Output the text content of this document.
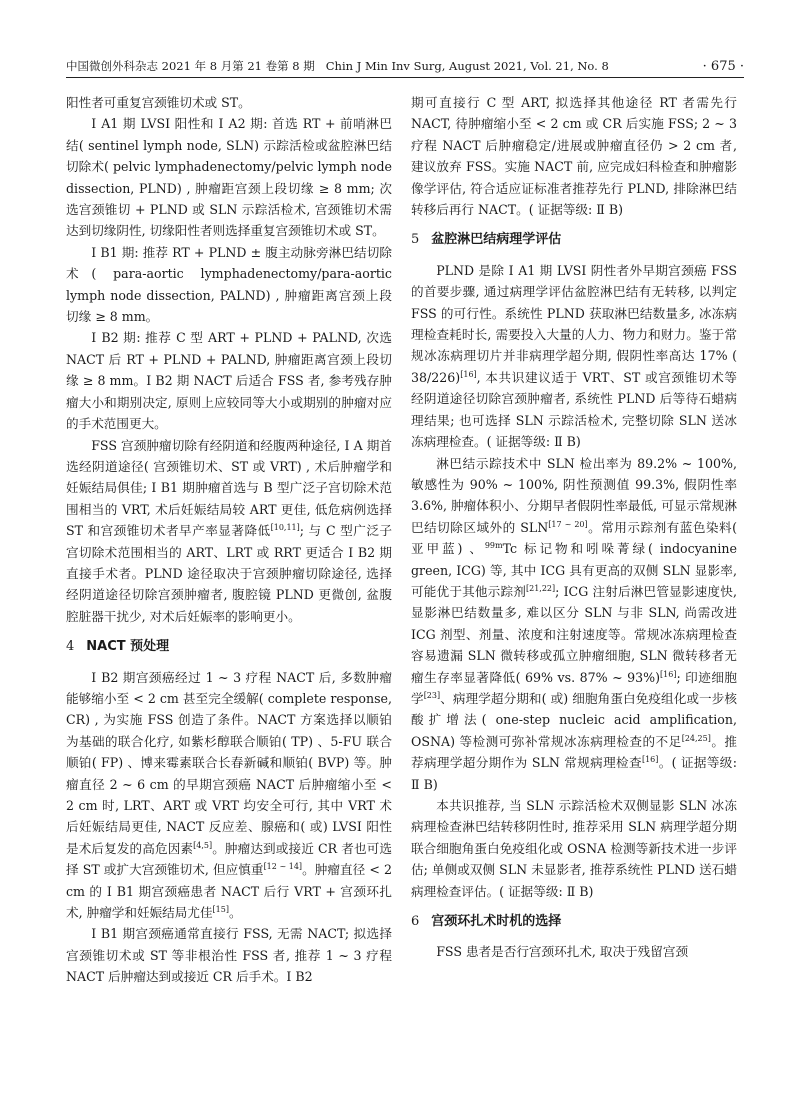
中国微创外科杂志 2021 年 8 月第 21 卷第 8 期 Chin J Min Inv Surg, August 2021, Vol. 21, No. 8	· 675 ·

阳性者可重复宫颈锥切术或 ST。

Ⅰ A1 期 LVSI 阳性和 Ⅰ A2 期: 首选 RT + 前哨淋巴结( sentinel lymph node, SLN) 示踪活检或盆腔淋巴结切除术( pelvic lymphadenectomy/pelvic lymph node dissection, PLND) , 肿瘤距宫颈上段切缘 ≥ 8 mm; 次选宫颈锥切 + PLND 或 SLN 示踪活检术, 宫颈锥切术需达到切缘阴性, 切缘阳性者则选择重复宫颈锥切术或 ST。

Ⅰ B1 期: 推荐 RT + PLND ± 腹主动脉旁淋巴结切除术( para-aortic lymphadenectomy/para-aortic lymph node dissection, PALND) , 肿瘤距离宫颈上段切缘 ≥ 8 mm。

Ⅰ B2 期: 推荐 C 型 ART + PLND + PALND, 次选 NACT 后 RT + PLND + PALND, 肿瘤距离宫颈上段切缘 ≥ 8 mm。Ⅰ B2 期 NACT 后适合 FSS 者, 参考残存肿瘤大小和期别决定, 原则上应较同等大小或期别的肿瘤对应的手术范围更大。

FSS 宫颈肿瘤切除有经阴道和经腹两种途径, Ⅰ A 期首选经阴道途径( 宫颈锥切术、ST 或 VRT) , 术后肿瘤学和妊娠结局俱佳; Ⅰ B1 期肿瘤首选与 B 型广泛子宫切除术范围相当的 VRT, 术后妊娠结局较 ART 更佳, 低危病例选择 ST 和宫颈锥切术者早产率显著降低[10,11]; 与 C 型广泛子宫切除术范围相当的 ART、LRT 或 RRT 更适合 Ⅰ B2 期直接手术者。PLND 途径取决于宫颈肿瘤切除途径, 选择经阴道途径切除宫颈肿瘤者, 腹腔镜 PLND 更微创, 盆腹腔脏器干扰少, 对术后妊娠率的影响更小。

4 NACT 预处理

Ⅰ B2 期宫颈癌经过 1 ~ 3 疗程 NACT 后, 多数肿瘤能够缩小至 < 2 cm 甚至完全缓解( complete response, CR) , 为实施 FSS 创造了条件。NACT 方案选择以顺铂为基础的联合化疗, 如紫杉醇联合顺铂( TP) 、5-FU 联合顺铂( FP) 、博来霉素联合长春新碱和顺铂( BVP) 等。肿瘤直径 2 ~ 6 cm 的早期宫颈癌 NACT 后肿瘤缩小至 < 2 cm 时, LRT、ART 或 VRT 均安全可行, 其中 VRT 术后妊娠结局更佳, NACT 反应差、腺癌和( 或) LVSI 阳性是术后复发的高危因素[4,5]。肿瘤达到或接近 CR 者也可选择 ST 或扩大宫颈锥切术, 但应慎重[12 ~ 14]。肿瘤直径 < 2 cm 的 Ⅰ B1 期宫颈癌患者 NACT 后行 VRT + 宫颈环扎术, 肿瘤学和妊娠结局尤佳[15]。

Ⅰ B1 期宫颈癌通常直接行 FSS, 无需 NACT; 拟选择宫颈锥切术或 ST 等非根治性 FSS 者, 推荐 1 ~ 3 疗程 NACT 后肿瘤达到或接近 CR 后手术。Ⅰ B2

期可直接行 C 型 ART, 拟选择其他途径 RT 者需先行 NACT, 待肿瘤缩小至 < 2 cm 或 CR 后实施 FSS; 2 ~ 3 疗程 NACT 后肿瘤稳定/进展或肿瘤直径仍 > 2 cm 者, 建议放弃 FSS。实施 NACT 前, 应完成妇科检查和肿瘤影像学评估, 符合适应证标准者推荐先行 PLND, 排除淋巴结转移后再行 NACT。( 证据等级: Ⅱ B)

5 盆腔淋巴结病理学评估

PLND 是除 Ⅰ A1 期 LVSI 阴性者外早期宫颈癌 FSS 的首要步骤, 通过病理学评估盆腔淋巴结有无转移, 以判定 FSS 的可行性。系统性 PLND 获取淋巴结数量多, 冰冻病理检查耗时长, 需要投入大量的人力、物力和财力。鉴于常规冰冻病理切片并非病理学超分期, 假阴性率高达 17% ( 38/226)[16], 本共识建议适于 VRT、ST 或宫颈锥切术等经阴道途径切除宫颈肿瘤者, 系统性 PLND 后等待石蜡病理结果; 也可选择 SLN 示踪活检术, 完整切除 SLN 送冰冻病理检查。( 证据等级: Ⅱ B)

淋巴结示踪技术中 SLN 检出率为 89.2% ~ 100%, 敏感性为 90% ~ 100%, 阴性预测值 99.3%, 假阴性率 3.6%, 肿瘤体积小、分期早者假阴性率最低, 可显示常规淋巴结切除区域外的 SLN[17 ~ 20]。常用示踪剂有蓝色染料( 亚甲蓝) 、$^{99m}$Tc 标记物和吲哚菁绿( indocyanine green, ICG) 等, 其中 ICG 具有更高的双侧 SLN 显影率, 可能优于其他示踪剂[21,22]; ICG 注射后淋巴管显影速度快, 显影淋巴结数量多, 难以区分 SLN 与非 SLN, 尚需改进 ICG 剂型、剂量、浓度和注射速度等。常规冰冻病理检查容易遗漏 SLN 微转移或孤立肿瘤细胞, SLN 微转移者无瘤生存率显著降低( 69% vs. 87% ~ 93%)[16]; 印迹细胞学[23]、病理学超分期和( 或) 细胞角蛋白免疫组化或一步核酸扩增法( one-step nucleic acid amplification, OSNA) 等检测可弥补常规冰冻病理检查的不足[24,25]。推荐病理学超分期作为 SLN 常规病理检查[16]。( 证据等级: Ⅱ B)

本共识推荐, 当 SLN 示踪活检术双侧显影 SLN 冰冻病理检查淋巴结转移阴性时, 推荐采用 SLN 病理学超分期联合细胞角蛋白免疫组化或 OSNA 检测等新技术进一步评估; 单侧或双侧 SLN 未显影者, 推荐系统性 PLND 送石蜡病理检查评估。( 证据等级: Ⅱ B)

6 宫颈环扎术时机的选择

FSS 患者是否行宫颈环扎术, 取决于残留宫颈
